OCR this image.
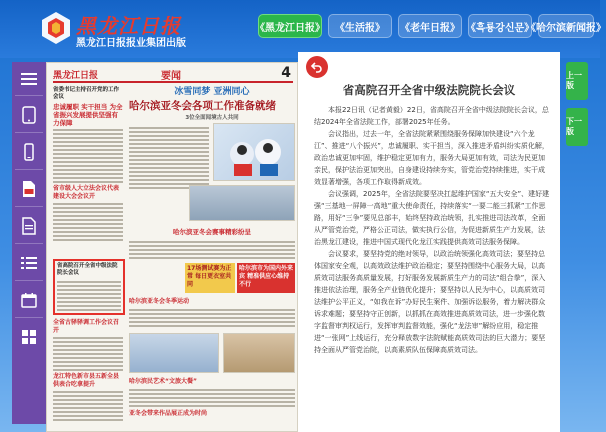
黑龙江日报
黑龙江日报报业集团出版
《黑龙江日报》	《生活报》	《老年日报》 《흑룡강신문》
《哈尔滨新闻报》
黑龙江日报	要闻	4
省委书记主持召开党的工作会议
忠诚履职 实干担当 为全省振兴发展提供坚强有力保障
省市级人大立法会议代表建设大会会议开
省高院召开全省中级法院院长会议
全省古驿驿调工作会议召开
龙江特色新市县五新全县供表合吃拿提升
冰雪同梦 亚洲同心
哈尔滨亚冬会各项工作准备就绪
3位全面闻境古人共同
哈尔滨亚冬会赛事精彩纷呈
17场测试赛为正常 每日更衣室共同
哈尔滨市为国内外来宾 精准供应心维持不行
哈尔滨亚冬会冬季运动
哈尔滨民艺术“文旅大餐”
亚冬会带来作品展正成为时尚
省高院召开全省中级法院院长会议

本报22日讯（记者黄毅）22日，省高院召开全省中级法院院长会议，总结2024年全省法院工作，部署2025年任务。

会议指出，过去一年，全省法院紧紧围绕服务保障加快建设“六个龙江”、推进“八个振兴”，忠诚履职、实干担当，深入推进矛盾纠纷实质化解，政治忠诚更加牢固，维护稳定更加有力，服务大局更加有效，司法为民更加亲民，保护法治更加突出，自身建设持续夯实，管党治党持续推进，实干成效显著增强，各项工作取得新成效。

会议强调，2025年，全省法院要坚决扛起维护国家“五大安全”、建好建强“三基地一屏障一高地”重大使命责任，持续落实“一要二能三抓紧”工作思路，用好“三争”要见总部丰，始终坚持政治统领，扎实推进司法改革，全面从严管党治党，严格公正司法，做实执行公信，为促进新质生产力发展，法治黑龙江建设，推进中国式现代化龙江实践提供高效司法服务保障。

会议要求，要坚持党的绝对领导，以政治统领强化高效司法；要坚持总体国家安全观，以高效政法维护政治稳定；要坚持围绕中心服务大局，以高质效司法服务高质量发展，打好服务发展新质生产力的司法“组合拳”，深入推进依法治理，服务全产业链优化提升；要坚持以人民为中心，以高质效司法维护公平正义，“如我在诉”办好民生案件、加强诉讼服务，着力解决群众诉求难题；要坚持守正创新，以抓抓在高效推进高质效司法，进一步强化数字监督审判权运行，发挥审判监督效能，强化“龙法审”解纷应用，稳定推进“一张网”上线运行，充分释放数字法院赋能高质效司法的巨大潜力；要坚持全面从严管党治院，以高素质队伍保障高质效司法。

上一版
下一版
